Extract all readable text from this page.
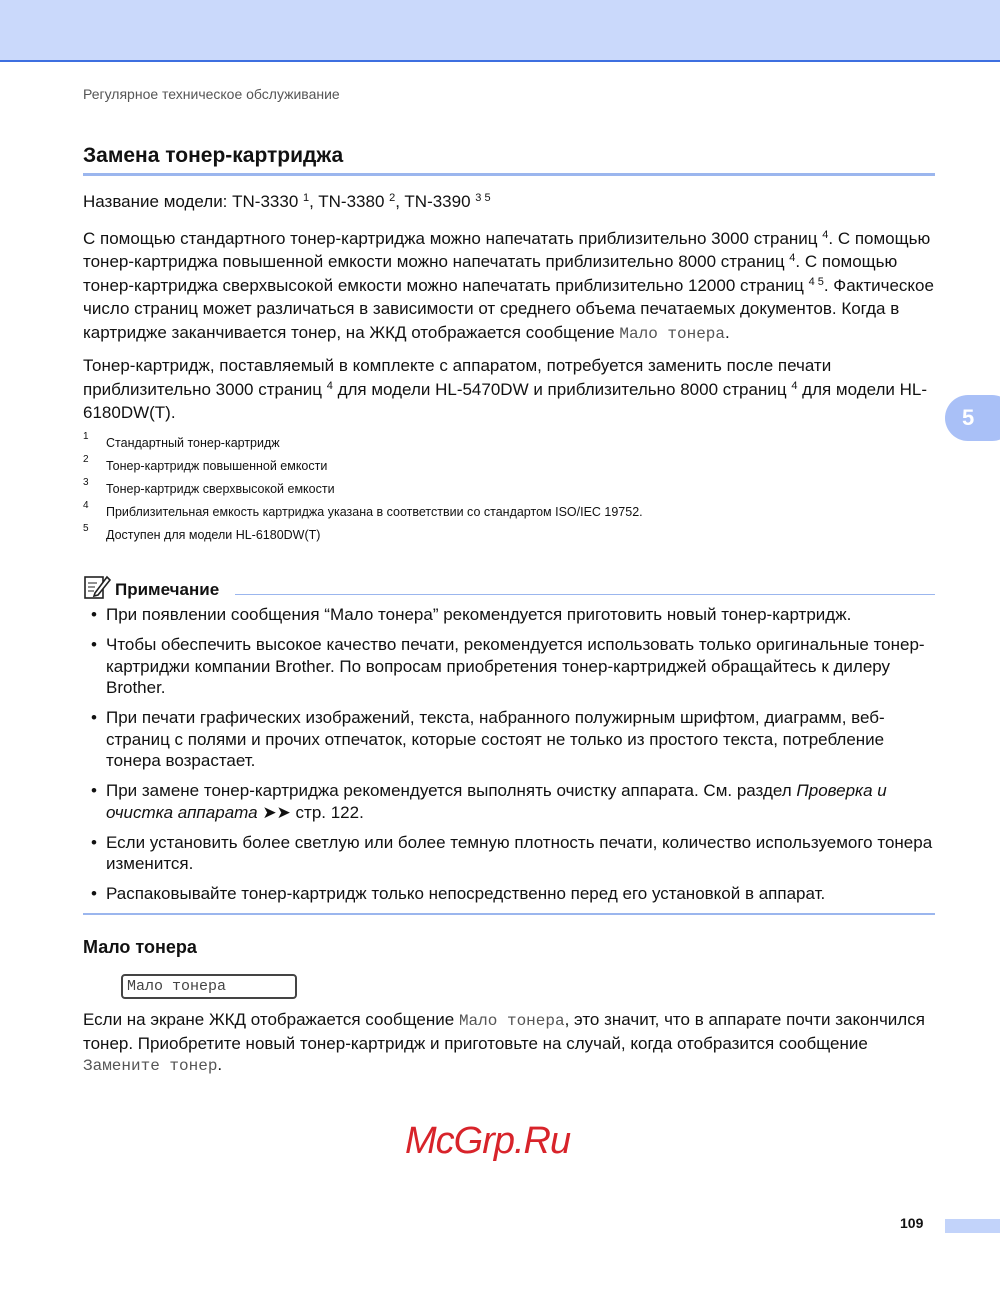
Регулярное техническое обслуживание
Замена тонер-картриджа

Название модели: TN-3330 $^1$, TN-3380 $^2$, TN-3390 $^{3 5}$

С помощью стандартного тонер-картриджа можно напечатать приблизительно 3000 страниц $^4$. С помощью тонер-картриджа повышенной емкости можно напечатать приблизительно 8000 страниц $^4$. С помощью тонер-картриджа сверхвысокой емкости можно напечатать приблизительно 12000 страниц $^{4 5}$. Фактическое число страниц может различаться в зависимости от среднего объема печатаемых документов. Когда в картридже заканчивается тонер, на ЖКД отображается сообщение Мало тонера.

Тонер-картридж, поставляемый в комплекте с аппаратом, потребуется заменить после печати приблизительно 3000 страниц $^4$ для модели HL-5470DW и приблизительно 8000 страниц $^4$ для модели HL-6180DW(T).

1 Стандартный тонер-картридж
2 Тонер-картридж повышенной емкости
3 Тонер-картридж сверхвысокой емкости
4 Приблизительная емкость картриджа указана в соответствии со стандартом ISO/IEC 19752.
5 Доступен для модели HL-6180DW(T)
5
Примечание
• При появлении сообщения “Мало тонера” рекомендуется приготовить новый тонер-картридж.
• Чтобы обеспечить высокое качество печати, рекомендуется использовать только оригинальные тонер-картриджи компании Brother. По вопросам приобретения тонер-картриджей обращайтесь к дилеру Brother.
• При печати графических изображений, текста, набранного полужирным шрифтом, диаграмм, веб-страниц с полями и прочих отпечаток, которые состоят не только из простого текста, потребление тонера возрастает.
• При замене тонер-картриджа рекомендуется выполнять очистку аппарата. См. раздел Проверка и очистка аппарата ➤➤ стр. 122.
• Если установить более светлую или более темную плотность печати, количество используемого тонера изменится.
• Распаковывайте тонер-картридж только непосредственно перед его установкой в аппарат.
Мало тонера
Мало тонера

Если на экране ЖКД отображается сообщение Мало тонера, это значит, что в аппарате почти закончился тонер. Приобретите новый тонер-картридж и приготовьте на случай, когда отобразится сообщение Замените тонер.

McGrp.Ru
109
